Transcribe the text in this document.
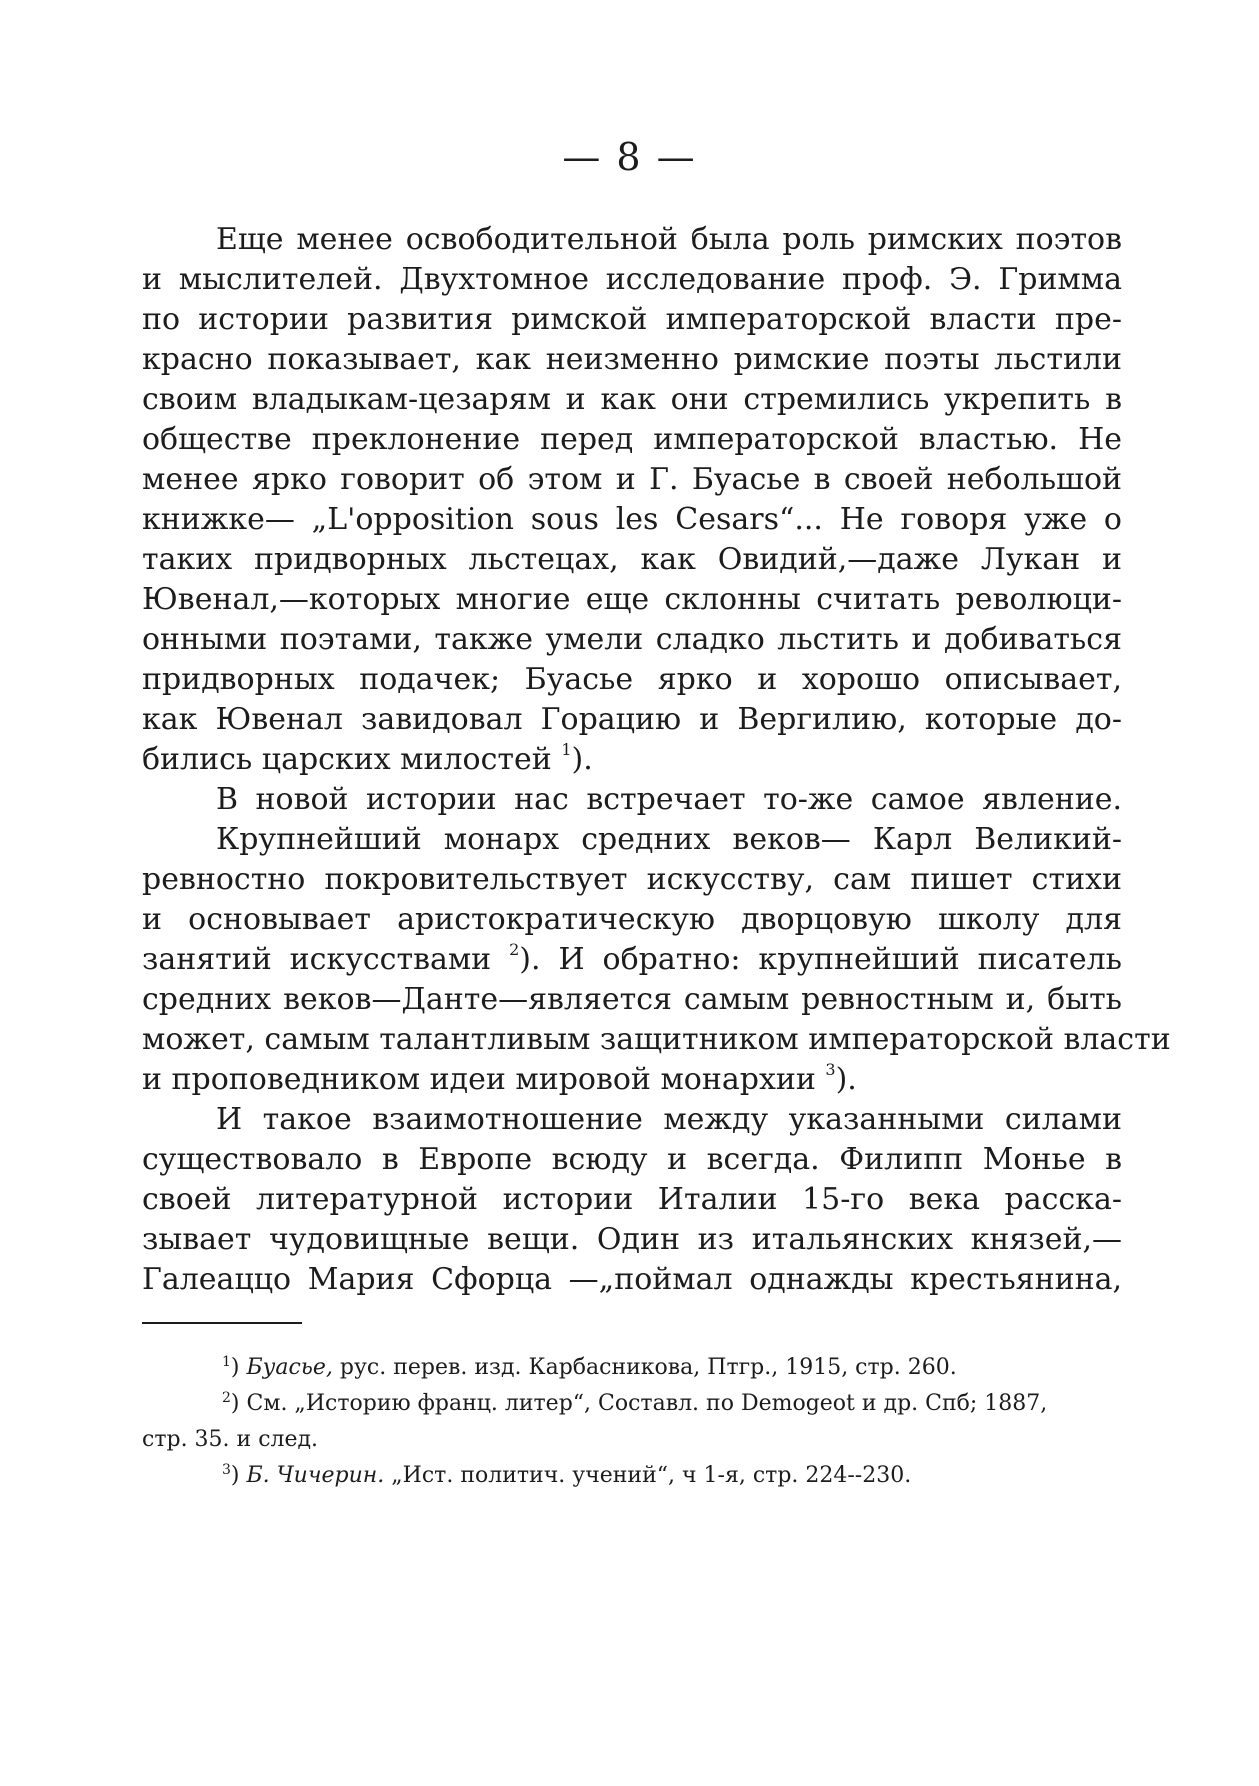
— 8 —
Еще менее освободительной была роль римских поэтов
и мыслителей. Двухтомное исследование проф. Э. Гримма
по истории развития римской императорской власти пре-
красно показывает, как неизменно римские поэты льстили
своим владыкам-цезарям и как они стремились укрепить в
обществе преклонение перед императорской властью. Не
менее ярко говорит об этом и Г. Буасье в своей небольшой
книжке— „L'opposition sous les Cesars“... Не говоря уже о
таких придворных льстецах, как Овидий,—даже Лукан и
Ювенал,—которых многие еще склонны считать революци-
онными поэтами, также умели сладко льстить и добиваться
придворных подачек; Буасье ярко и хорошо описывает,
как Ювенал завидовал Горацию и Вергилию, которые до-
бились царских милостей $^1$).
В новой истории нас встречает то-же самое явление.
Крупнейший монарх средних веков— Карл Великий-
ревностно покровительствует искусству, сам пишет стихи
и основывает аристократическую дворцовую школу для
занятий искусствами $^2$). И обратно: крупнейший писатель
средних веков—Данте—является самым ревностным и, быть
может, самым талантливым защитником императорской власти
и проповедником идеи мировой монархии $^3$).
И такое взаимотношение между указанными силами
существовало в Европе всюду и всегда. Филипп Монье в
своей литературной истории Италии 15-го века расска-
зывает чудовищные вещи. Один из итальянских князей,—
Галеаццо Мария Сфорца —„поймал однажды крестьянина,
$^1$) Буасье, рус. перев. изд. Карбасникова, Птгр., 1915, стр. 260.
$^2$) См. „Историю франц. литер“, Составл. по Demogeot и др. Спб; 1887,
стр. 35. и след.
$^3$) Б. Чичерин. „Ист. политич. учений“, ч 1-я, стр. 224--230.
